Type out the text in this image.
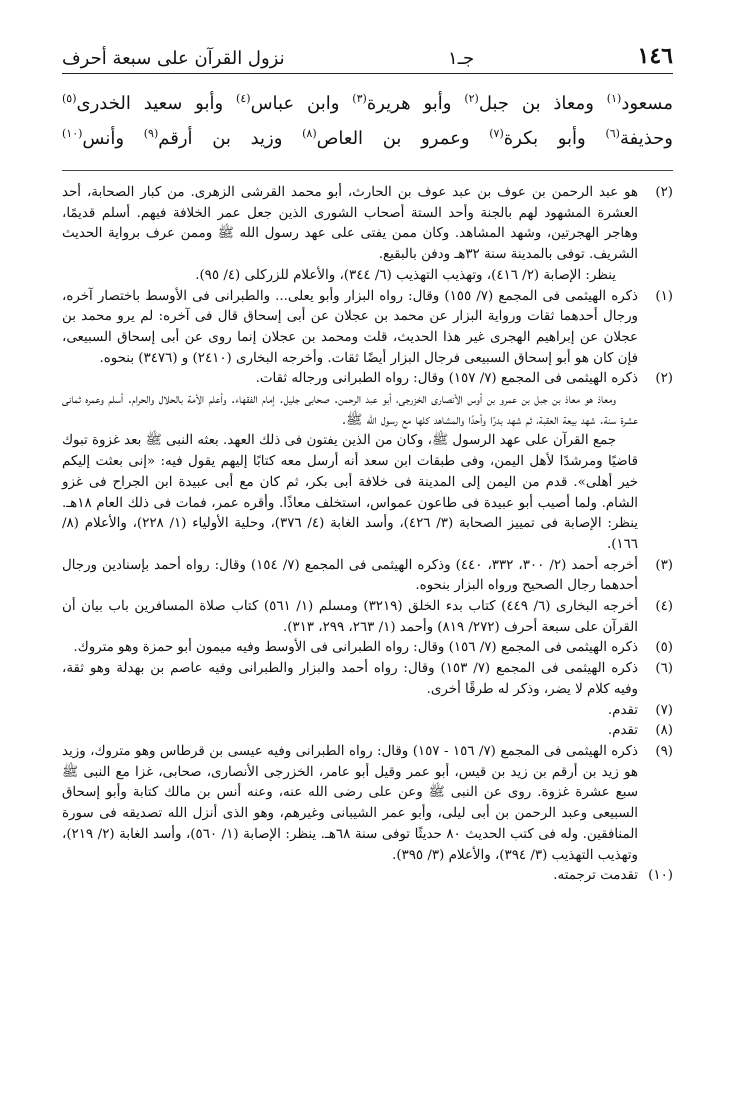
١٤٦
جـ١
نزول القرآن على سبعة أحرف
مسعود$^{(١)}$ ومعاذ بن جبل$^{(٢)}$ وأبو هريرة$^{(٣)}$ وابن عباس$^{(٤)}$ وأبو سعيد الخدرى$^{(٥)}$
وحذيفة$^{(٦)}$ وأبو بكرة$^{(٧)}$ وعمرو بن العاص$^{(٨)}$ وزيد بن أرقم$^{(٩)}$ وأنس$^{(١٠)}$
(٢)

هو عبد الرحمن بن عوف بن عبد عوف بن الحارث، أبو محمد القرشى الزهرى. من كبار الصحابة، أحد العشرة المشهود لهم بالجنة وأحد الستة أصحاب الشورى الذين جعل عمر الخلافة فيهم. أسلم قديمًا، وهاجر الهجرتين، وشهد المشاهد. وكان ممن يفتى على عهد رسول الله ﷺ وممن عرف برواية الحديث الشريف. توفى بالمدينة سنة ٣٢هـ ودفن بالبقيع.

ينظر: الإصابة (٢/ ٤١٦)، وتهذيب التهذيب (٦/ ٣٤٤)، والأعلام للزركلى (٤/ ٩٥).

(١)

ذكره الهيثمى فى المجمع (٧/ ١٥٥) وقال: رواه البزار وأبو يعلى... والطبرانى فى الأوسط باختصار آخره، ورجال أحدهما ثقات ورواية البزار عن محمد بن عجلان عن أبى إسحاق قال فى آخره: لم يرو محمد بن عجلان عن إبراهيم الهجرى غير هذا الحديث، قلت ومحمد بن عجلان إنما روى عن أبى إسحاق السبيعى، فإن كان هو أبو إسحاق السبيعى فرجال البزار أيضًا ثقات. وأخرجه البخارى (٢٤١٠) و (٣٤٧٦) بنحوه.

(٢)

ذكره الهيثمى فى المجمع (٧/ ١٥٧) وقال: رواه الطبرانى ورجاله ثقات.

ومعاذ هو معاذ بن جبل بن عمرو بن أوس الأنصارى الخزرجى، أبو عبد الرحمن. صحابى جليل. إمام الفقهاء. وأعلم الأمة بالحلال والحرام. أسلم وعمره ثمانى عشرة سنة. شهد بيعة العقبة، ثم شهد بدرًا وأحدًا والمشاهد كلها مع رسول الله ﷺ.

جمع القرآن على عهد الرسول ﷺ، وكان من الذين يفتون فى ذلك العهد. بعثه النبى ﷺ بعد غزوة تبوك قاضيًا ومرشدًا لأهل اليمن، وفى طبقات ابن سعد أنه أرسل معه كتابًا إليهم يقول فيه: «إنى بعثت إليكم خير أهلى». قدم من اليمن إلى المدينة فى خلافة أبى بكر، ثم كان مع أبى عبيدة ابن الجراح فى غزو الشام. ولما أصيب أبو عبيدة فى طاعون عمواس، استخلف معاذًا. وأقره عمر، فمات فى ذلك العام ١٨هـ. ينظر: الإصابة فى تمييز الصحابة (٣/ ٤٢٦)، وأسد الغابة (٤/ ٣٧٦)، وحلية الأولياء (١/ ٢٢٨)، والأعلام (٨/ ١٦٦).

(٣)

أخرجه أحمد (٢/ ٣٠٠، ٣٣٢، ٤٤٠) وذكره الهيثمى فى المجمع (٧/ ١٥٤) وقال: رواه أحمد بإسنادين ورجال أحدهما رجال الصحيح ورواه البزار بنحوه.

(٤)

أخرجه البخارى (٦/ ٤٤٩) كتاب بدء الخلق (٣٢١٩) ومسلم (١/ ٥٦١) كتاب صلاة المسافرين باب بيان أن القرآن على سبعة أحرف (٢٧٢/ ٨١٩) وأحمد (١/ ٢٦٣، ٢٩٩، ٣١٣).

(٥)

ذكره الهيثمى فى المجمع (٧/ ١٥٦) وقال: رواه الطبرانى فى الأوسط وفيه ميمون أبو حمزة وهو متروك.

(٦)

ذكره الهيثمى فى المجمع (٧/ ١٥٣) وقال: رواه أحمد والبزار والطبرانى وفيه عاصم بن بهدلة وهو ثقة، وفيه كلام لا يضر، وذكر له طرقًا أخرى.

(٧)

تقدم.

(٨)

تقدم.

(٩)

ذكره الهيثمى فى المجمع (٧/ ١٥٦ - ١٥٧) وقال: رواه الطبرانى وفيه عيسى بن قرطاس وهو متروك، وزيد هو زيد بن أرقم بن زيد بن قيس، أبو عمر وقيل أبو عامر، الخزرجى الأنصارى، صحابى، غزا مع النبى ﷺ سبع عشرة غزوة. روى عن النبى ﷺ وعن على رضى الله عنه، وعنه أنس بن مالك كتابة وأبو إسحاق السبيعى وعبد الرحمن بن أبى ليلى، وأبو عمر الشيبانى وغيرهم، وهو الذى أنزل الله تصديقه فى سورة المنافقين. وله فى كتب الحديث ٨٠ حديثًا توفى سنة ٦٨هـ. ينظر: الإصابة (١/ ٥٦٠)، وأسد الغابة (٢/ ٢١٩)، وتهذيب التهذيب (٣/ ٣٩٤)، والأعلام (٣/ ٣٩٥).

(١٠)

تقدمت ترجمته.
